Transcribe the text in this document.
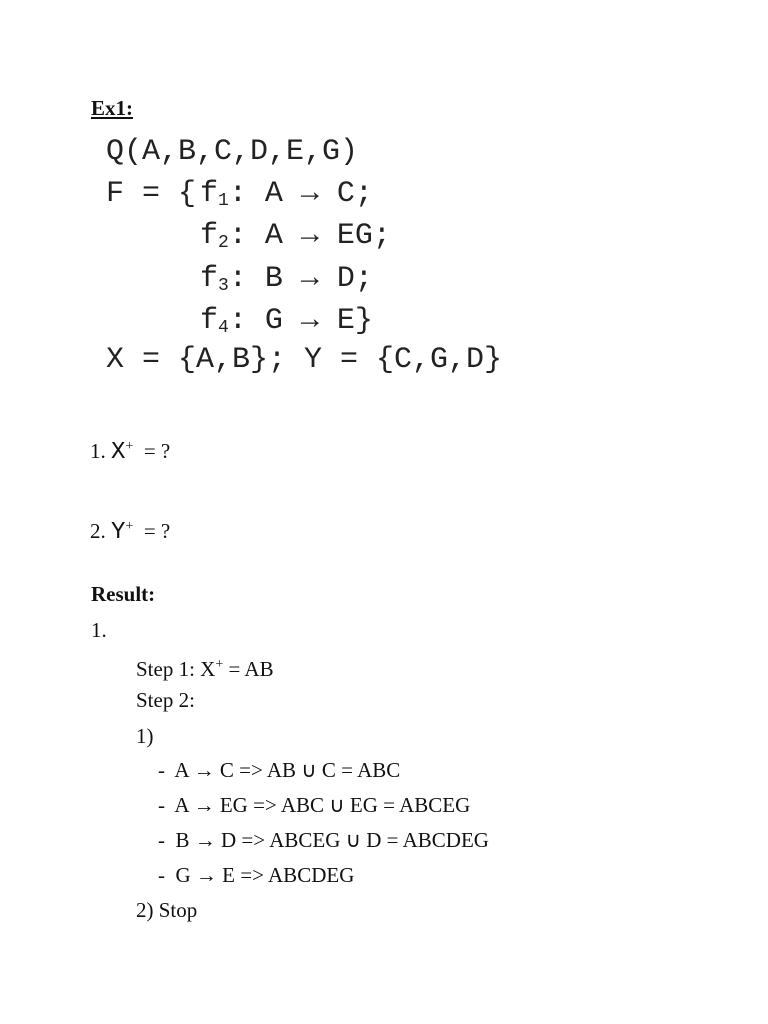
Ex1:
Q(A,B,C,D,E,G)
F = { $f_1$: A → C;
$f_2$: A → EG;
$f_3$: B → D;
$f_4$: G → E}
X = {A,B}; Y = {C,G,D}
1. X+ = ?
2. Y+ = ?
Result:
1.
Step 1: X+ = AB
Step 2:
1)
-  A → C => AB ∪ C = ABC
-  A → EG => ABC ∪ EG = ABCEG
-  B → D => ABCEG ∪ D = ABCDEG
-  G → E => ABCDEG
2) Stop
